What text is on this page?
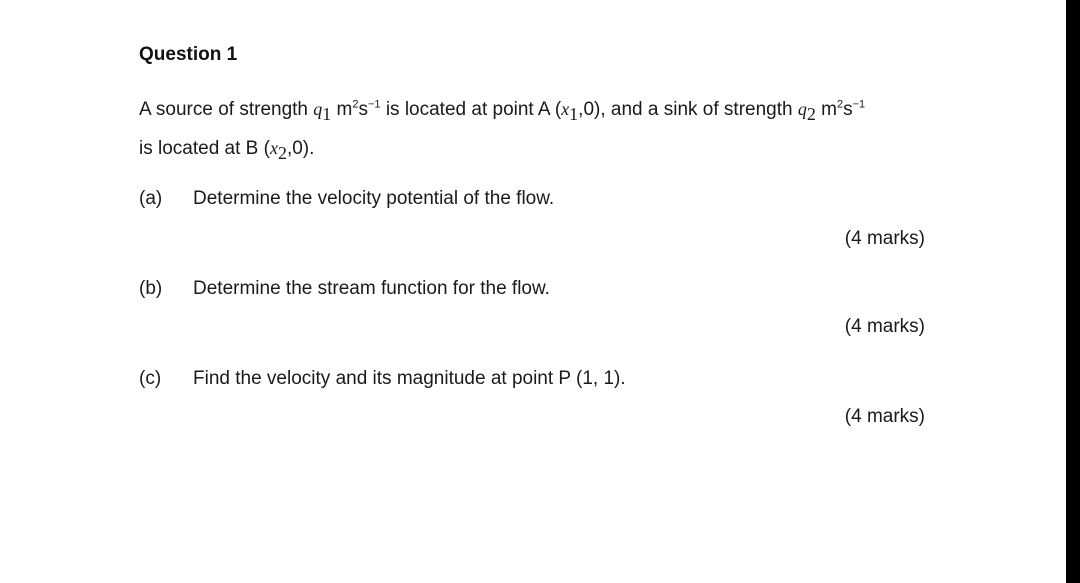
Question 1
A source of strength $q_1$ $m^2s^{-1}$ is located at point A $(x_1,0)$, and a sink of strength $q_2$ $m^2s^{-1}$
is located at B $(x_2,0)$.
(a) Determine the velocity potential of the flow.
(4 marks)
(b) Determine the stream function for the flow.
(4 marks)
(c) Find the velocity and its magnitude at point P (1, 1).
(4 marks)
